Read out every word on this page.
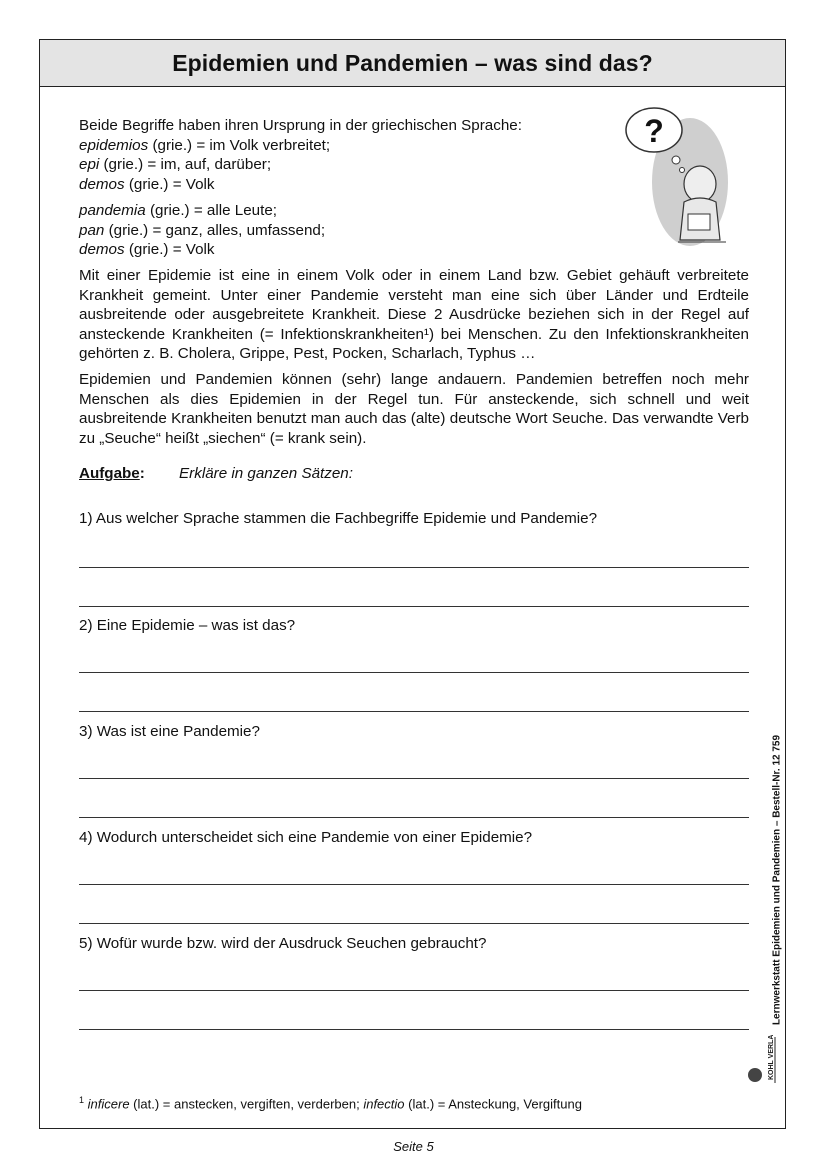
Epidemien und Pandemien – was sind das?

Beide Begriffe haben ihren Ursprung in der griechischen Sprache:

epidemios (grie.) = im Volk verbreitet;

epi (grie.) = im, auf, darüber;

demos (grie.) = Volk

pandemia (grie.) = alle Leute;

pan (grie.) = ganz, alles, umfassend;

demos (grie.) = Volk

?
Mit einer Epidemie ist eine in einem Volk oder in einem Land bzw. Gebiet gehäuft verbreitete Krankheit gemeint. Unter einer Pandemie versteht man eine sich über Länder und Erdteile ausbreitende oder ausgebreitete Krankheit. Diese 2 Ausdrücke beziehen sich in der Regel auf ansteckende Krankheiten (= Infektionskrankheiten¹) bei Menschen. Zu den Infektionskrankheiten gehörten z. B. Cholera, Grippe, Pest, Pocken, Scharlach, Typhus …
Epidemien und Pandemien können (sehr) lange andauern. Pandemien betreffen noch mehr Menschen als dies Epidemien in der Regel tun. Für ansteckende, sich schnell und weit ausbreitende Krankheiten benutzt man auch das (alte) deutsche Wort Seuche. Das verwandte Verb zu „Seuche“ heißt „siechen“ (= krank sein).
Aufgabe: Erkläre in ganzen Sätzen:
1) Aus welcher Sprache stammen die Fachbegriffe Epidemie und Pandemie?
2) Eine Epidemie – was ist das?
3) Was ist eine Pandemie?
4) Wodurch unterscheidet sich eine Pandemie von einer Epidemie?
5) Wofür wurde bzw. wird der Ausdruck Seuchen gebraucht?	Lernwerkstatt Epidemien und Pandemien – Bestell-Nr. 12 759
KOHL VERLAG
$^1$ inficere (lat.) = anstecken, vergiften, verderben; infectio (lat.) = Ansteckung, Vergiftung
Seite 5
